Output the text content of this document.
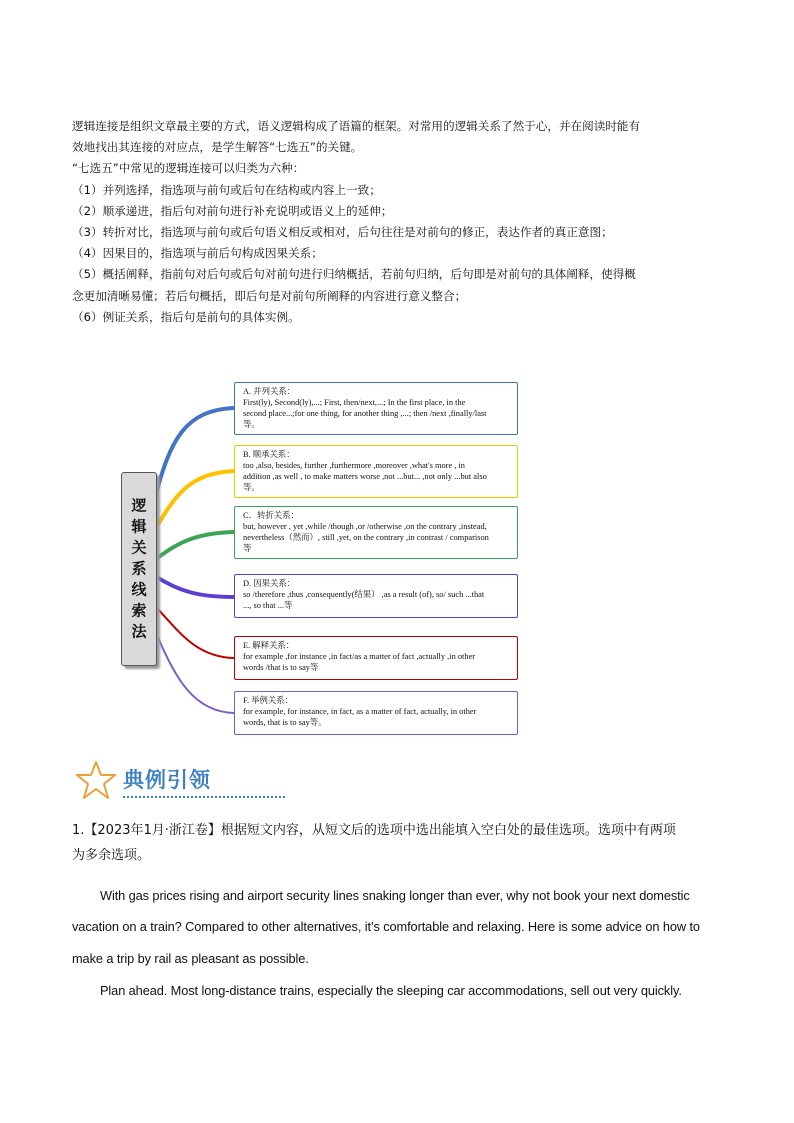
逻辑连接是组织文章最主要的方式，语义逻辑构成了语篇的框架。对常用的逻辑关系了然于心，并在阅读时能有

效地找出其连接的对应点，是学生解答“七选五”的关键。

“七选五”中常见的逻辑连接可以归类为六种：

（1）并列选择，指选项与前句或后句在结构或内容上一致；

（2）顺承递进，指后句对前句进行补充说明或语义上的延伸；

（3）转折对比，指选项与前句或后句语义相反或相对，后句往往是对前句的修正，表达作者的真正意图；

（4）因果目的，指选项与前后句构成因果关系；

（5）概括阐释，指前句对后句或后句对前句进行归纳概括，若前句归纳，后句即是对前句的具体阐释，使得概

念更加清晰易懂；若后句概括，即后句是对前句所阐释的内容进行意义整合；

（6）例证关系，指后句是前句的具体实例。

逻
辑
关
系
线
索
法
A. 并列关系：
First(ly), Second(ly),...; First, then/next,...; In the first place, in the
second place...;for one thing, for another thing ,...; then /next ,finally/last
等。
B. 顺承关系：
too ,also, besides, further ,furthermore ,moreover ,what's more , in
addition ,as well , to make matters worse ,not ...but... ,not only ...but also
等。
C．转折关系：
but, however , yet ,while /though ,or /otherwise ,on the contrary ,instead,
nevertheless（然而）, still ,yet, on the contrary ,in contrast / comparison
等
D. 因果关系：
so /therefore ,thus ,consequently(结果） ,as a result (of), so/ such ...that
..., so that ...等
E. 解释关系：
for example ,for instance ,in fact/as a matter of fact ,actually ,in other
words /that is to say等
F. 举例关系：
for example, for instance, in fact, as a matter of fact, actually, in other
words, that is to say等。
典例引领

1.【2023年1月·浙江卷】根据短文内容，从短文后的选项中选出能填入空白处的最佳选项。选项中有两项

为多余选项。

With gas prices rising and airport security lines snaking longer than ever, why not book your next domestic
vacation on a train? Compared to other alternatives, it’s comfortable and relaxing. Here is some advice on how to
make a trip by rail as pleasant as possible.
Plan ahead. Most long-distance trains, especially the sleeping car accommodations, sell out very quickly.
